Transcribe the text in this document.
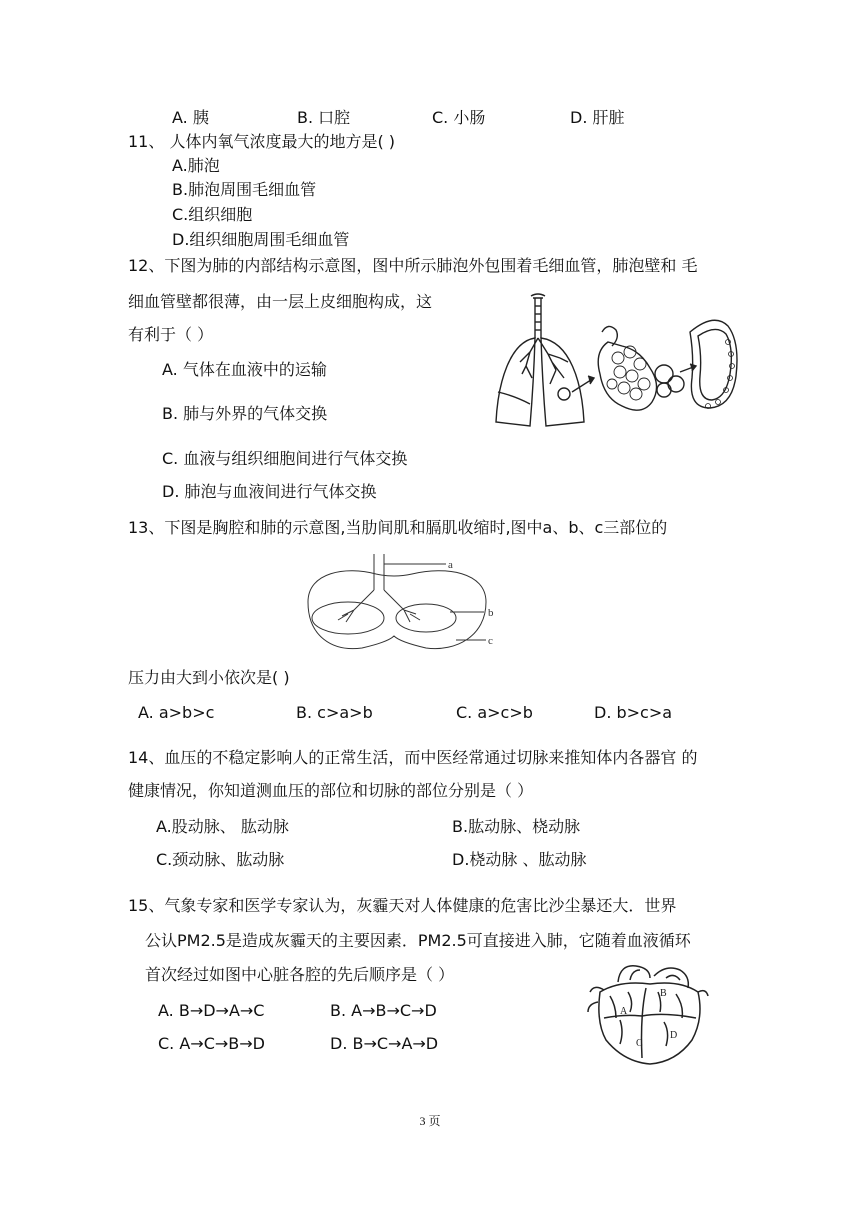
A. 胰	B. 口腔	C. 小肠	D. 肝脏
11、 人体内氧气浓度最大的地方是( )
A.肺泡
B.肺泡周围毛细血管
C.组织细胞
D.组织细胞周围毛细血管
12、下图为肺的内部结构示意图，图中所示肺泡外包围着毛细血管，肺泡壁和 毛
细血管壁都很薄，由一层上皮细胞构成，这
有利于（ ）
A. 气体在血液中的运输
B. 肺与外界的气体交换
C. 血液与组织细胞间进行气体交换
D. 肺泡与血液间进行气体交换
13、下图是胸腔和肺的示意图,当肋间肌和膈肌收缩时,图中a、b、c三部位的
a
b
c
压力由大到小依次是( )
A. a>b>c	B. c>a>b	C. a>c>b	D. b>c>a
14、血压的不稳定影响人的正常生活，而中医经常通过切脉来推知体内各器官 的
健康情况，你知道测血压的部位和切脉的部位分别是（ ）
A.股动脉、 肱动脉	B.肱动脉、桡动脉
C.颈动脉、肱动脉	D.桡动脉 、肱动脉
15、气象专家和医学专家认为，灰霾天对人体健康的危害比沙尘暴还大．世界
公认PM2.5是造成灰霾天的主要因素．PM2.5可直接进入肺，它随着血液循环
首次经过如图中心脏各腔的先后顺序是（ ）
A. B→D→A→C	B. A→B→C→D
C. A→C→B→D	D. B→C→A→D
A
B
C
D
3 页
